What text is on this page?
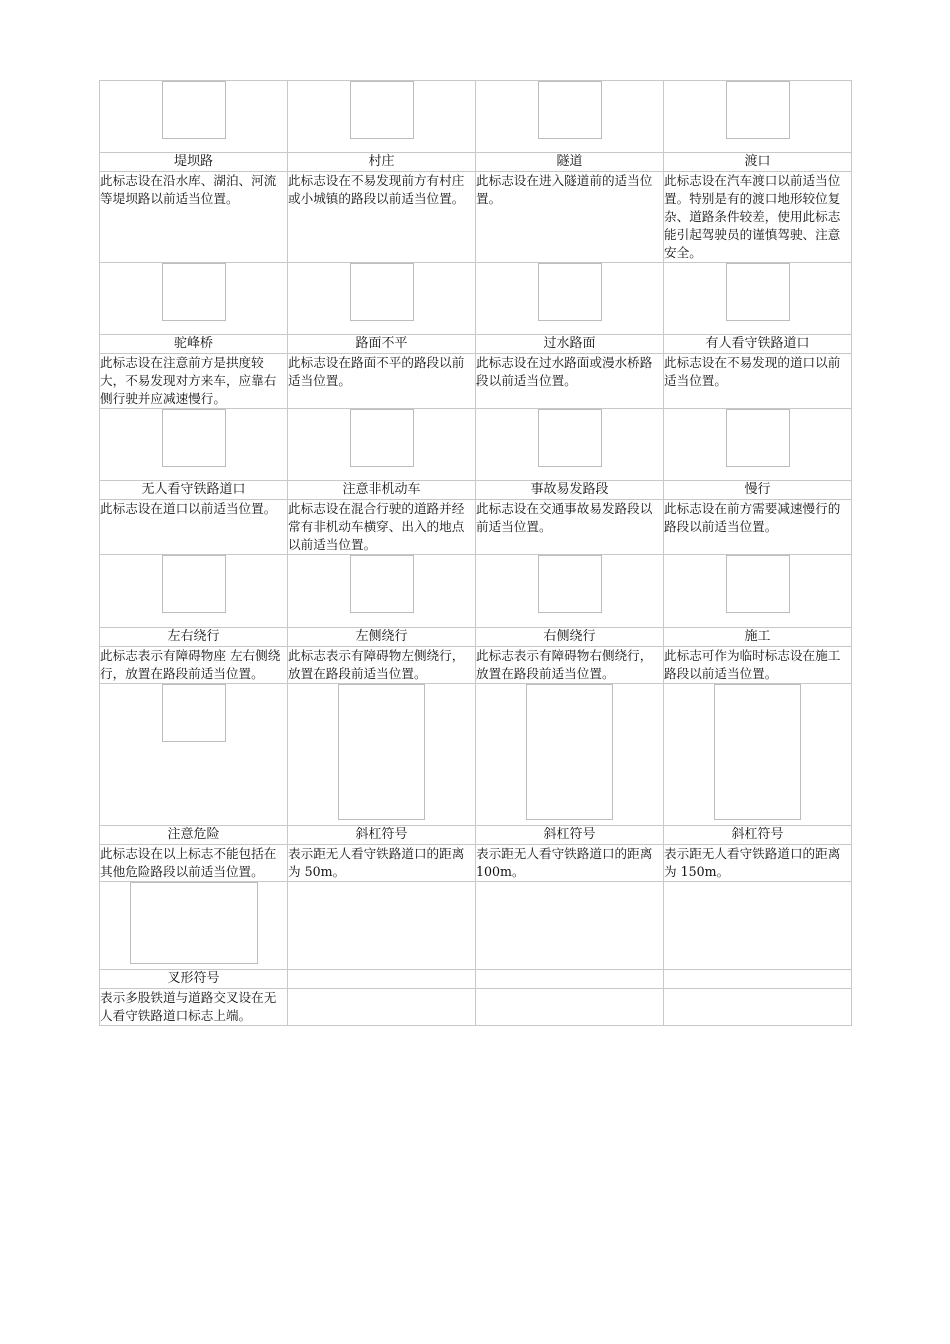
堤坝路	村庄	隧道	渡口
此标志设在沿水库、湖泊、河流等堤坝路以前适当位置。	此标志设在不易发现前方有村庄或小城镇的路段以前适当位置。	此标志设在进入隧道前的适当位置。	此标志设在汽车渡口以前适当位置。特别是有的渡口地形较位复杂、道路条件较差，使用此标志能引起驾驶员的谨慎驾驶、注意安全。

驼峰桥	路面不平	过水路面	有人看守铁路道口
此标志设在注意前方是拱度较大，不易发现对方来车，应靠右侧行驶并应减速慢行。	此标志设在路面不平的路段以前适当位置。	此标志设在过水路面或漫水桥路段以前适当位置。	此标志设在不易发现的道口以前适当位置。

无人看守铁路道口	注意非机动车	事故易发路段	慢行
此标志设在道口以前适当位置。	此标志设在混合行驶的道路并经常有非机动车横穿、出入的地点以前适当位置。	此标志设在交通事故易发路段以前适当位置。	此标志设在前方需要减速慢行的路段以前适当位置。

左右绕行	左侧绕行	右侧绕行	施工
此标志表示有障碍物座 左右侧绕行，放置在路段前适当位置。	此标志表示有障碍物左侧绕行，放置在路段前适当位置。	此标志表示有障碍物右侧绕行，放置在路段前适当位置。	此标志可作为临时标志设在施工路段以前适当位置。

注意危险	斜杠符号	斜杠符号	斜杠符号
此标志设在以上标志不能包括在其他危险路段以前适当位置。	表示距无人看守铁路道口的距离为 50m。	表示距无人看守铁路道口的距离 100m。	表示距无人看守铁路道口的距离为 150m。

叉形符号			
表示多股铁道与道路交叉设在无人看守铁路道口标志上端。			
